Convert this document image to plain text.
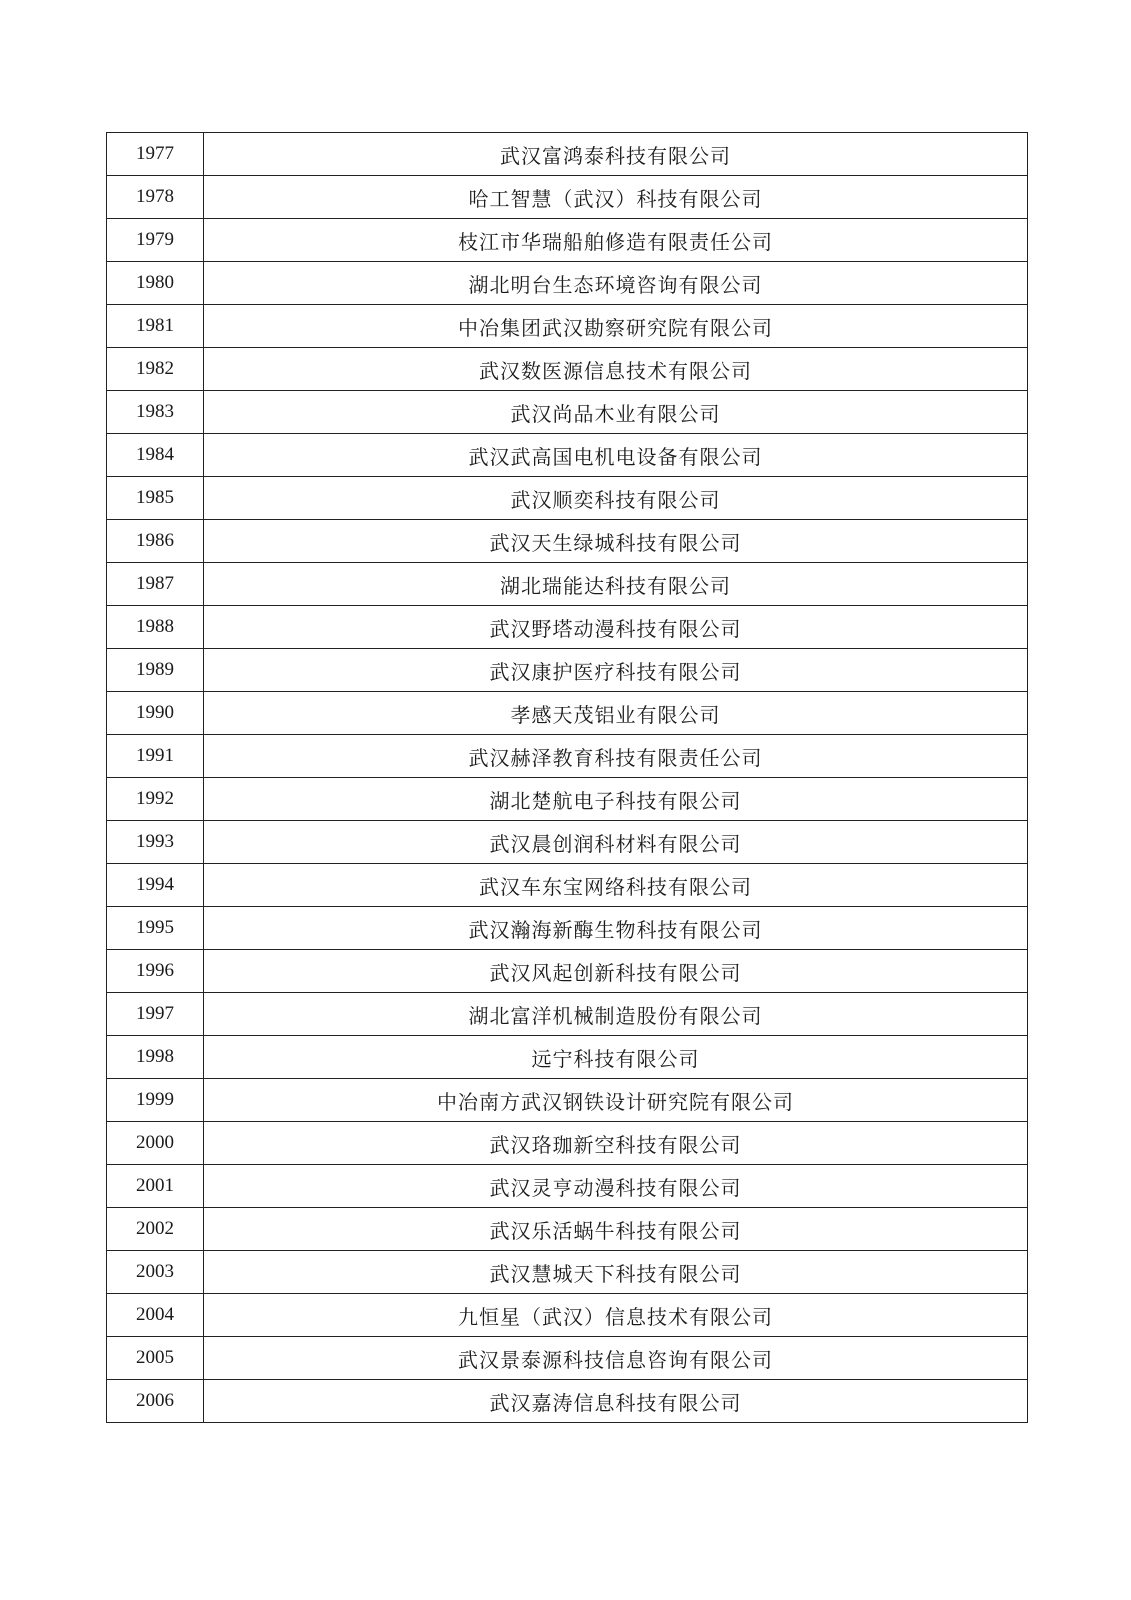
1977	武汉富鸿泰科技有限公司
1978	哈工智慧（武汉）科技有限公司
1979	枝江市华瑞船舶修造有限责任公司
1980	湖北明台生态环境咨询有限公司
1981	中冶集团武汉勘察研究院有限公司
1982	武汉数医源信息技术有限公司
1983	武汉尚品木业有限公司
1984	武汉武高国电机电设备有限公司
1985	武汉顺奕科技有限公司
1986	武汉天生绿城科技有限公司
1987	湖北瑞能达科技有限公司
1988	武汉野塔动漫科技有限公司
1989	武汉康护医疗科技有限公司
1990	孝感天茂铝业有限公司
1991	武汉赫泽教育科技有限责任公司
1992	湖北楚航电子科技有限公司
1993	武汉晨创润科材料有限公司
1994	武汉车东宝网络科技有限公司
1995	武汉瀚海新酶生物科技有限公司
1996	武汉风起创新科技有限公司
1997	湖北富洋机械制造股份有限公司
1998	远宁科技有限公司
1999	中冶南方武汉钢铁设计研究院有限公司
2000	武汉珞珈新空科技有限公司
2001	武汉灵亨动漫科技有限公司
2002	武汉乐活蜗牛科技有限公司
2003	武汉慧城天下科技有限公司
2004	九恒星（武汉）信息技术有限公司
2005	武汉景泰源科技信息咨询有限公司
2006	武汉嘉涛信息科技有限公司
